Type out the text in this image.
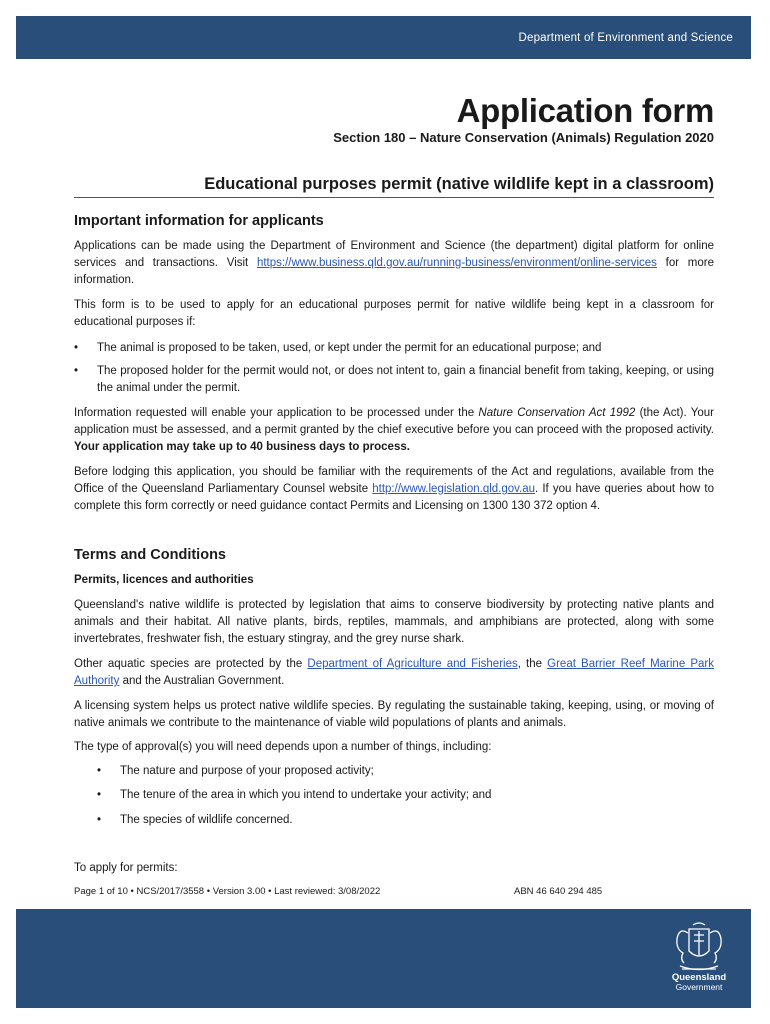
Department of Environment and Science
Application form
Section 180 – Nature Conservation (Animals) Regulation 2020
Educational purposes permit (native wildlife kept in a classroom)
Important information for applicants

Applications can be made using the Department of Environment and Science (the department) digital platform for online services and transactions. Visit https://www.business.qld.gov.au/running-business/environment/online-services for more information.

This form is to be used to apply for an educational purposes permit for native wildlife being kept in a classroom for educational purposes if:

• The animal is proposed to be taken, used, or kept under the permit for an educational purpose; and
• The proposed holder for the permit would not, or does not intent to, gain a financial benefit from taking, keeping, or using the animal under the permit.

Information requested will enable your application to be processed under the Nature Conservation Act 1992 (the Act). Your application must be assessed, and a permit granted by the chief executive before you can proceed with the proposed activity. Your application may take up to 40 business days to process.

Before lodging this application, you should be familiar with the requirements of the Act and regulations, available from the Office of the Queensland Parliamentary Counsel website http://www.legislation.qld.gov.au. If you have queries about how to complete this form correctly or need guidance contact Permits and Licensing on 1300 130 372 option 4.

Terms and Conditions
Permits, licences and authorities

Queensland's native wildlife is protected by legislation that aims to conserve biodiversity by protecting native plants and animals and their habitat. All native plants, birds, reptiles, mammals, and amphibians are protected, along with some invertebrates, freshwater fish, the estuary stingray, and the grey nurse shark.

Other aquatic species are protected by the Department of Agriculture and Fisheries, the Great Barrier Reef Marine Park Authority and the Australian Government.

A licensing system helps us protect native wildlife species. By regulating the sustainable taking, keeping, using, or moving of native animals we contribute to the maintenance of viable wild populations of plants and animals.

The type of approval(s) you will need depends upon a number of things, including:

• The nature and purpose of your proposed activity;
• The tenure of the area in which you intend to undertake your activity; and
• The species of wildlife concerned.

To apply for permits:

Page 1 of 10 • NCS/2017/3558 • Version 3.00 • Last reviewed: 3/08/2022	ABN 46 640 294 485
Queensland
Government
